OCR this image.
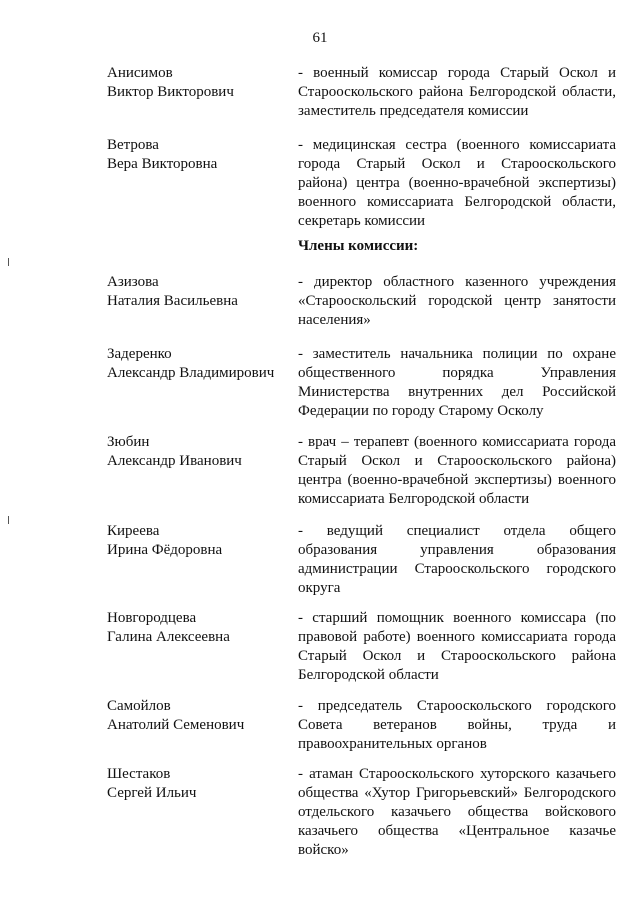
61
Анисимов
Виктор Викторович
- военный комиссар города Старый Оскол и Старооскольского района Белгородской области, заместитель председателя комиссии
Ветрова
Вера Викторовна
- медицинская сестра (военного комиссариата города Старый Оскол и Старооскольского района) центра (военно-врачебной экспертизы) военного комиссариата Белгородской области, секретарь комиссии
Члены комиссии:
Азизова
Наталия Васильевна
- директор областного казенного учреждения «Старооскольский городской центр занятости населения»
Задеренко
Александр Владимирович
- заместитель начальника полиции по охране общественного порядка Управления Министерства внутренних дел Российской Федерации по городу Старому Осколу
Зюбин
Александр Иванович
- врач – терапевт (военного комиссариата города Старый Оскол и Старооскольского района) центра (военно-врачебной экспертизы) военного комиссариата Белгородской области
Киреева
Ирина Фёдоровна
- ведущий специалист отдела общего образования управления образования администрации Старооскольского городского округа
Новгородцева
Галина Алексеевна
- старший помощник военного комиссара (по правовой работе) военного комиссариата города Старый Оскол и Старооскольского района Белгородской области
Самойлов
Анатолий Семенович
- председатель Старооскольского городского Совета ветеранов войны, труда и правоохранительных органов
Шестаков
Сергей Ильич
- атаман Старооскольского хуторского казачьего общества «Хутор Григорьевский» Белгородского отдельского казачьего общества войскового казачьего общества «Центральное казачье войско»
